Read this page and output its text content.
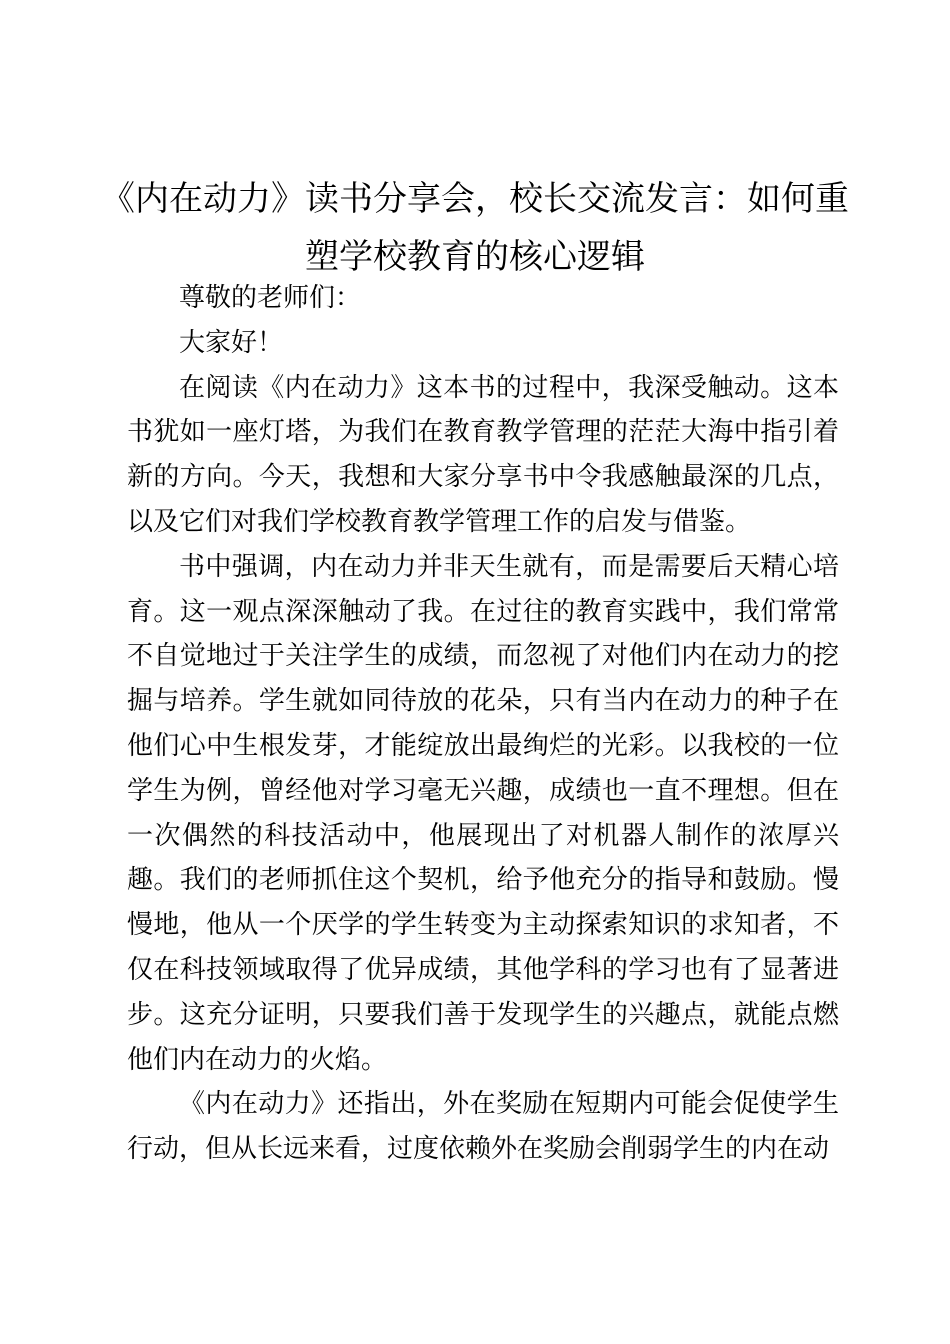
《内在动力》读书分享会，校长交流发言：如何重塑学校教育的核心逻辑

尊敬的老师们：

大家好！

在阅读《内在动力》这本书的过程中，我深受触动。这本书犹如一座灯塔，为我们在教育教学管理的茫茫大海中指引着新的方向。今天，我想和大家分享书中令我感触最深的几点，以及它们对我们学校教育教学管理工作的启发与借鉴。

书中强调，内在动力并非天生就有，而是需要后天精心培育。这一观点深深触动了我。在过往的教育实践中，我们常常不自觉地过于关注学生的成绩，而忽视了对他们内在动力的挖掘与培养。学生就如同待放的花朵，只有当内在动力的种子在他们心中生根发芽，才能绽放出最绚烂的光彩。以我校的一位学生为例，曾经他对学习毫无兴趣，成绩也一直不理想。但在一次偶然的科技活动中，他展现出了对机器人制作的浓厚兴趣。我们的老师抓住这个契机，给予他充分的指导和鼓励。慢慢地，他从一个厌学的学生转变为主动探索知识的求知者，不仅在科技领域取得了优异成绩，其他学科的学习也有了显著进步。这充分证明，只要我们善于发现学生的兴趣点，就能点燃他们内在动力的火焰。

《内在动力》还指出，外在奖励在短期内可能会促使学生行动，但从长远来看，过度依赖外在奖励会削弱学生的内在动
